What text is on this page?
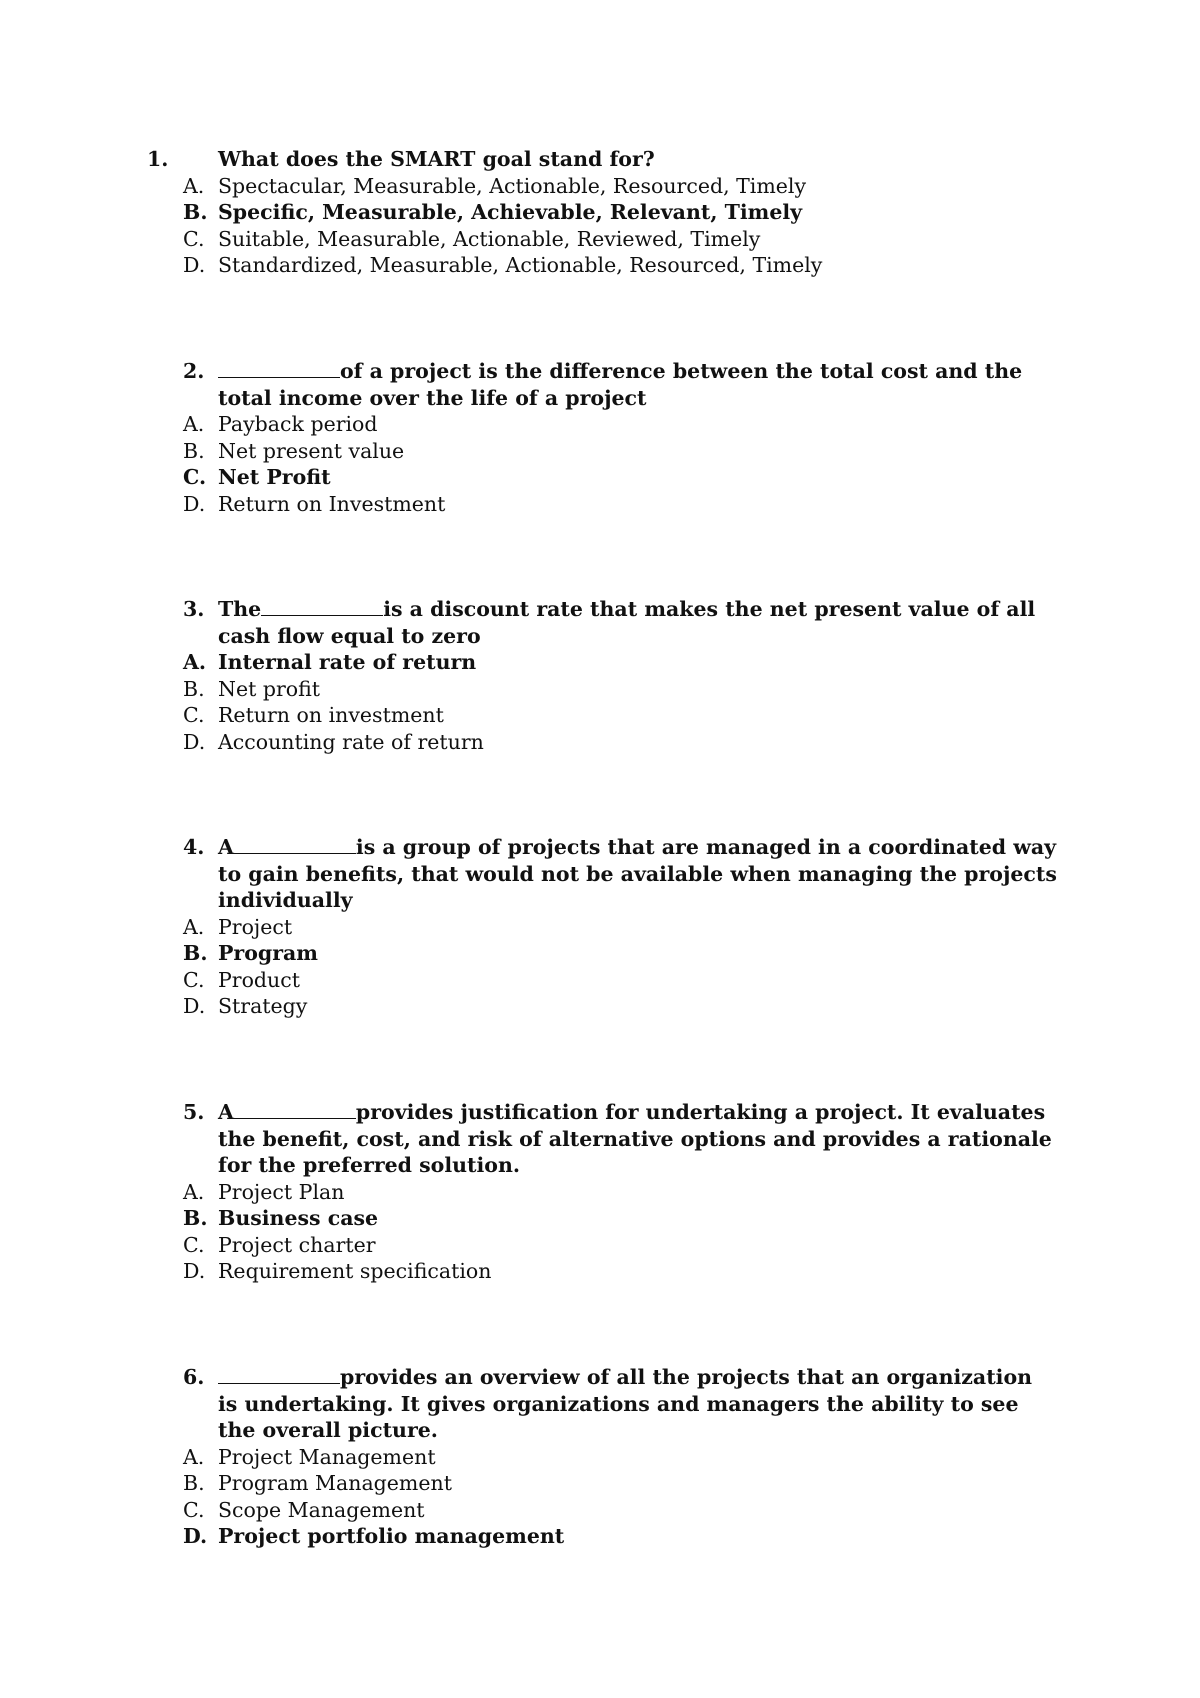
1. What does the SMART goal stand for?
A. Spectacular, Measurable, Actionable, Resourced, Timely
B. Specific, Measurable, Achievable, Relevant, Timely
C. Suitable, Measurable, Actionable, Reviewed, Timely
D. Standardized, Measurable, Actionable, Resourced, Timely
2.	of a project is the difference between the total cost and the total income over the life of a project
A. Payback period
B. Net present value
C. Net Profit
D. Return on Investment
3. The	is a discount rate that makes the net present value of all cash flow equal to zero
A. Internal rate of return
B. Net profit
C. Return on investment
D. Accounting rate of return
4. A	is a group of projects that are managed in a coordinated way to gain benefits, that would not be available when managing the projects individually
A. Project
B. Program
C. Product
D. Strategy
5. A	provides justification for undertaking a project. It evaluates the benefit, cost, and risk of alternative options and provides a rationale for the preferred solution.
A. Project Plan
B. Business case
C. Project charter
D. Requirement specification
6.	provides an overview of all the projects that an organization is undertaking. It gives organizations and managers the ability to see the overall picture.
A. Project Management
B. Program Management
C. Scope Management
D. Project portfolio management
